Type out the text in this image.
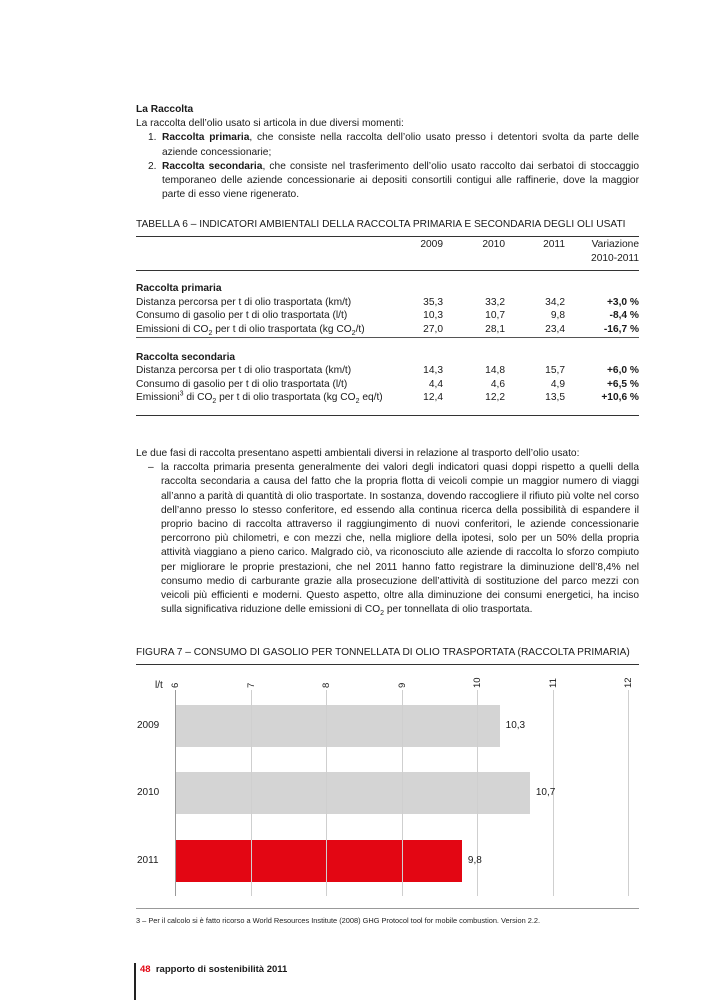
La Raccolta
La raccolta dell’olio usato si articola in due diversi momenti:
1. Raccolta primaria, che consiste nella raccolta dell’olio usato presso i detentori svolta da parte delle aziende concessionarie;
2. Raccolta secondaria, che consiste nel trasferimento dell’olio usato raccolto dai serbatoi di stoccaggio temporaneo delle aziende concessionarie ai depositi consortili contigui alle raffinerie, dove la maggior parte di esso viene rigenerato.
TABELLA 6 – INDICATORI AMBIENTALI DELLA RACCOLTA PRIMARIA E SECONDARIA DEGLI OLI USATI
	2009	2010	2011	Variazione
				2010-2011

Raccolta primaria				
Distanza percorsa per t di olio trasportata (km/t)	35,3	33,2	34,2	+3,0 %
Consumo di gasolio per t di olio trasportata (l/t)	10,3	10,7	9,8	-8,4 %
Emissioni di $CO_2$ per t di olio trasportata (kg $CO_2/t$)	27,0	28,1	23,4	-16,7 %

Raccolta secondaria				
Distanza percorsa per t di olio trasportata (km/t)	14,3	14,8	15,7	+6,0 %
Consumo di gasolio per t di olio trasportata (l/t)	4,4	4,6	4,9	+6,5 %
Emissioni$^3$ di $CO_2$ per t di olio trasportata (kg $CO_2$ eq/t)	12,4	12,2	13,5	+10,6 %
Le due fasi di raccolta presentano aspetti ambientali diversi in relazione al trasporto dell’olio usato:
– la raccolta primaria presenta generalmente dei valori degli indicatori quasi doppi rispetto a quelli della raccolta secondaria a causa del fatto che la propria flotta di veicoli compie un maggior numero di viaggi all’anno a parità di quantità di olio trasportate. In sostanza, dovendo raccogliere il rifiuto più volte nel corso dell’anno presso lo stesso conferitore, ed essendo alla continua ricerca della possibilità di espandere il proprio bacino di raccolta attraverso il raggiungimento di nuovi conferitori, le aziende concessionarie percorrono più chilometri, e con mezzi che, nella migliore della ipotesi, solo per un 50% della propria attività viaggiano a pieno carico. Malgrado ciò, va riconosciuto alle aziende di raccolta lo sforzo compiuto per migliorare le proprie prestazioni, che nel 2011 hanno fatto registrare la diminuzione dell’8,4% nel consumo medio di carburante grazie alla prosecuzione dell’attività di sostituzione del parco mezzi con veicoli più efficienti e moderni. Questo aspetto, oltre alla diminuzione dei consumi energetici, ha inciso sulla significativa riduzione delle emissioni di $CO_2$ per tonnellata di olio trasportata.
FIGURA 7 – CONSUMO DI GASOLIO PER TONNELLATA DI OLIO TRASPORTATA (RACCOLTA PRIMARIA)
l/t 6	7	8	9	10	11	12
2009	10,3
2010	10,7
2011	9,8
3 – Per il calcolo si è fatto ricorso a World Resources Institute (2008) GHG Protocol tool for mobile combustion. Version 2.2.
48 rapporto di sostenibilità 2011
